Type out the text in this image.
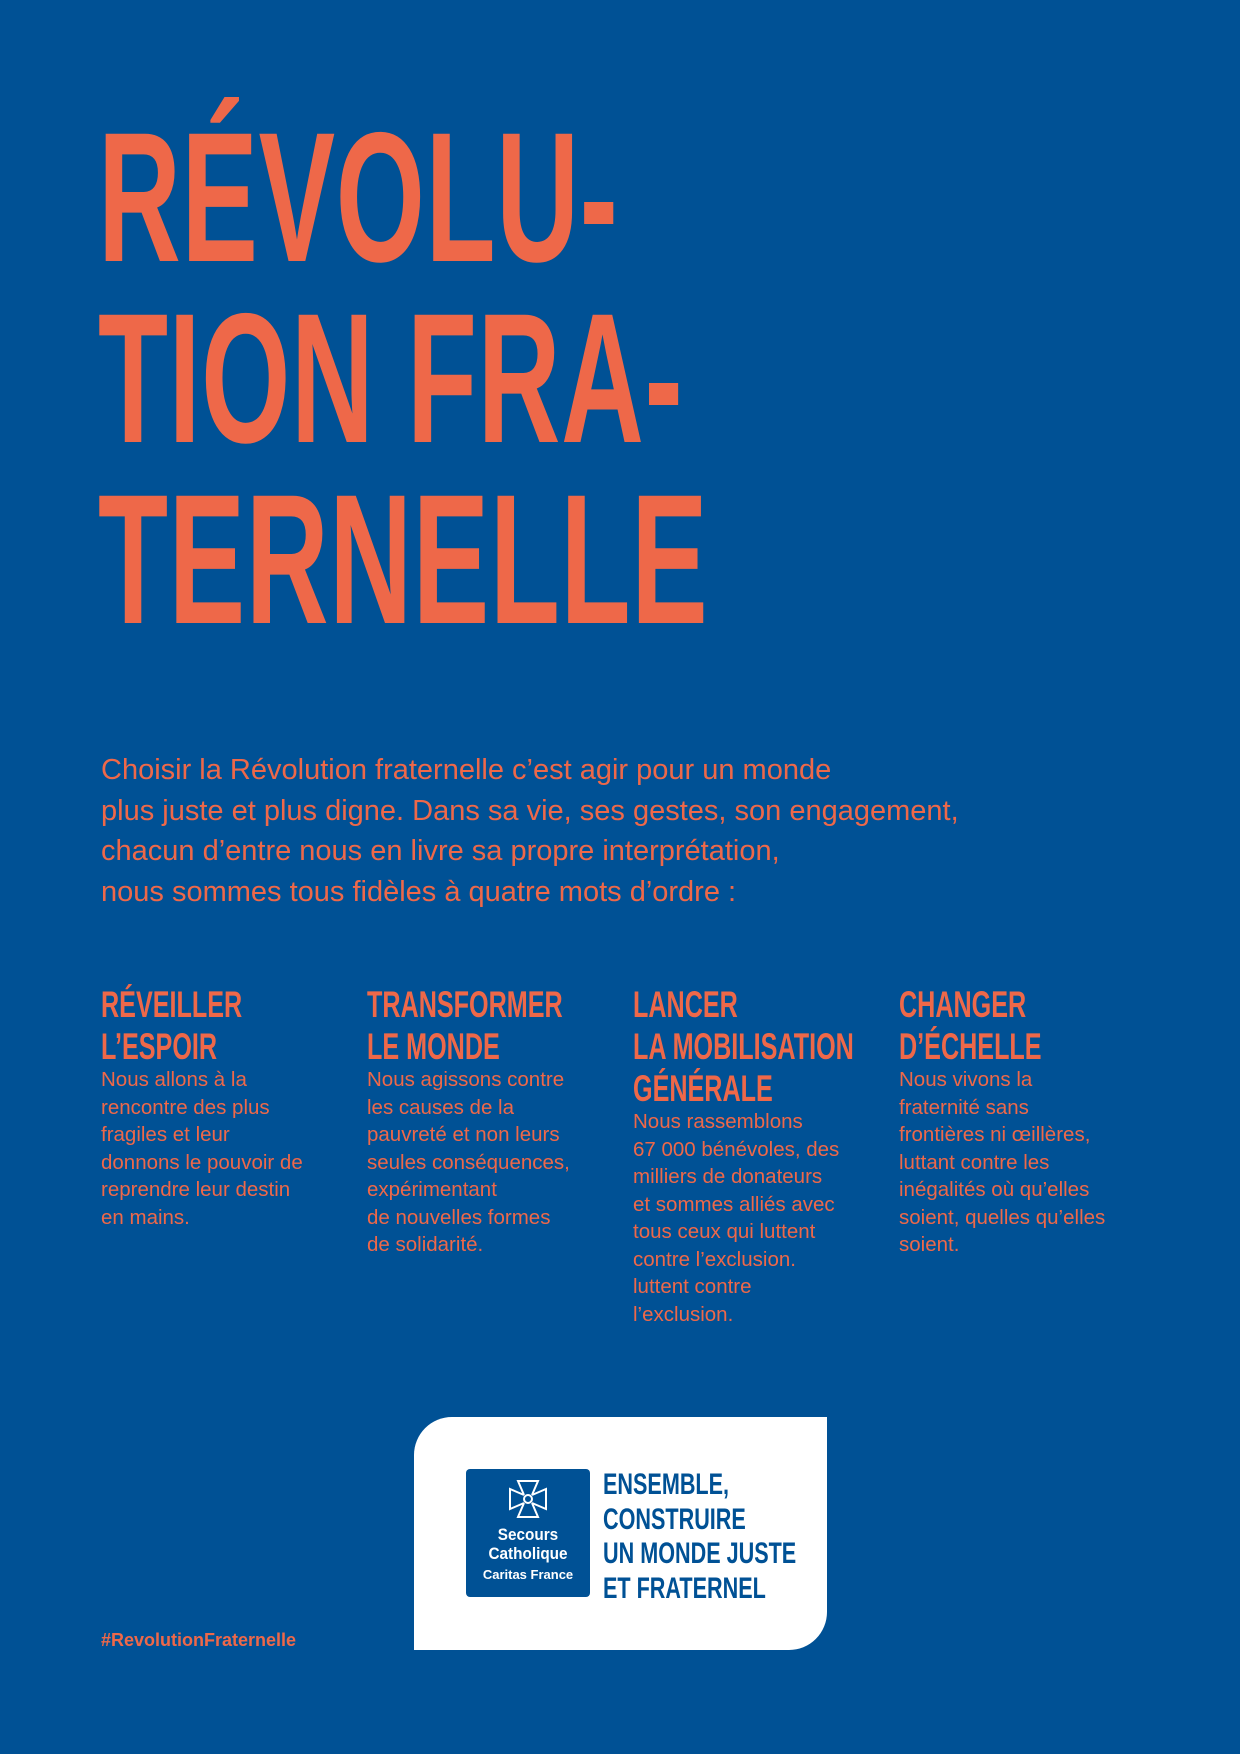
RÉVOLU-
TION FRA-
TERNELLE

Choisir la Révolution fraternelle c’est agir pour un monde
plus juste et plus digne. Dans sa vie, ses gestes, son engagement,
chacun d’entre nous en livre sa propre interprétation,
nous sommes tous fidèles à quatre mots d’ordre :

RÉVEILLER
L’ESPOIR

Nous allons à la
rencontre des plus
fragiles et leur
donnons le pouvoir de
reprendre leur destin
en mains.

TRANSFORMER
LE MONDE

Nous agissons contre
les causes de la
pauvreté et non leurs
seules conséquences,
expérimentant
de nouvelles formes
de solidarité.

LANCER
LA MOBILISATION
GÉNÉRALE

Nous rassemblons
67 000 bénévoles, des
milliers de donateurs
et sommes alliés avec
tous ceux qui luttent
contre l’exclusion.
luttent contre
l’exclusion.

CHANGER
D’ÉCHELLE

Nous vivons la
fraternité sans
frontières ni œillères,
luttant contre les
inégalités où qu’elles
soient, quelles qu’elles
soient.

Secours
Catholique
Caritas France

ENSEMBLE,
CONSTRUIRE
UN MONDE JUSTE
ET FRATERNEL

#RevolutionFraternelle
